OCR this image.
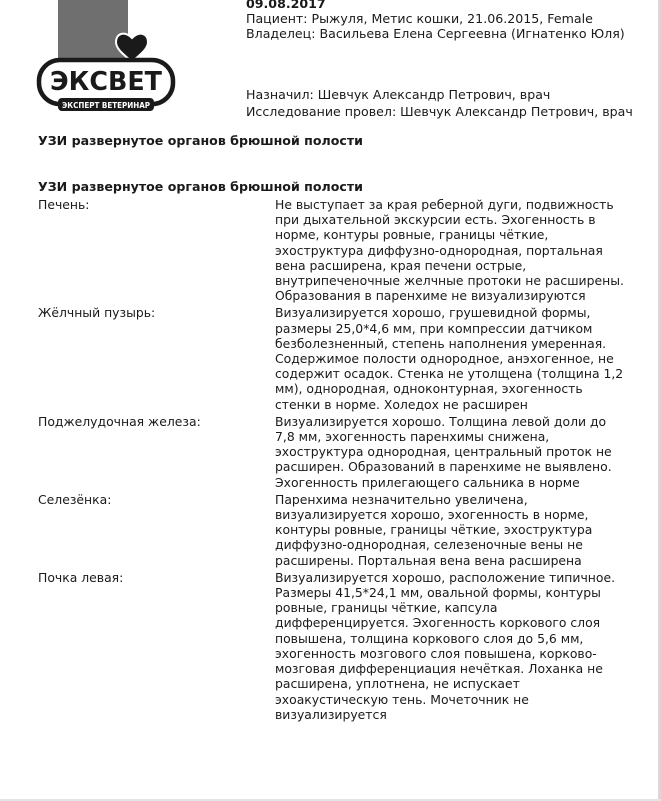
ЭКСВЕТ
ЭКСПЕРТ ВЕТЕРИНАР
09.08.2017
Пациент: Рыжуля, Метис кошки, 21.06.2015, Female
Владелец: Васильева Елена Сергеевна (Игнатенко Юля)
Назначил: Шевчук Александр Петрович, врач
Исследование провел: Шевчук Александр Петрович, врач
УЗИ развернутое органов брюшной полости
УЗИ развернутое органов брюшной полости
Печень:	Не выступает за края реберной дуги, подвижность при дыхательной экскурсии есть. Эхогенность в норме, контуры ровные, границы чёткие, эхоструктура диффузно-однородная, портальная вена расширена, края печени острые, внутрипеченочные желчные протоки не расширены. Образования в паренхиме не визуализируются
Жёлчный пузырь:	Визуализируется хорошо, грушевидной формы, размеры 25,0*4,6 мм, при компрессии датчиком безболезненный, степень наполнения умеренная. Содержимое полости однородное, анэхогенное, не содержит осадок. Стенка не утолщена (толщина 1,2 мм), однородная, одноконтурная, эхогенность стенки в норме. Холедох не расширен
Поджелудочная железа:	Визуализируется хорошо. Толщина левой доли до 7,8 мм, эхогенность паренхимы снижена, эхоструктура однородная, центральный проток не расширен. Образований в паренхиме не выявлено. Эхогенность прилегающего сальника в норме
Селезёнка:	Паренхима незначительно увеличена, визуализируется хорошо, эхогенность в норме, контуры ровные, границы чёткие, эхоструктура диффузно-однородная, селезеночные вены не расширены. Портальная вена вена расширена
Почка левая:	Визуализируется хорошо, расположение типичное. Размеры 41,5*24,1 мм, овальной формы, контуры ровные, границы чёткие, капсула дифференцируется. Эхогенность коркового слоя повышена, толщина коркового слоя до 5,6 мм, эхогенность мозгового слоя повышена, корково-мозговая дифференциация нечёткая. Лоханка не расширена, уплотнена, не испускает эхоакустическую тень. Мочеточник не визуализируется
